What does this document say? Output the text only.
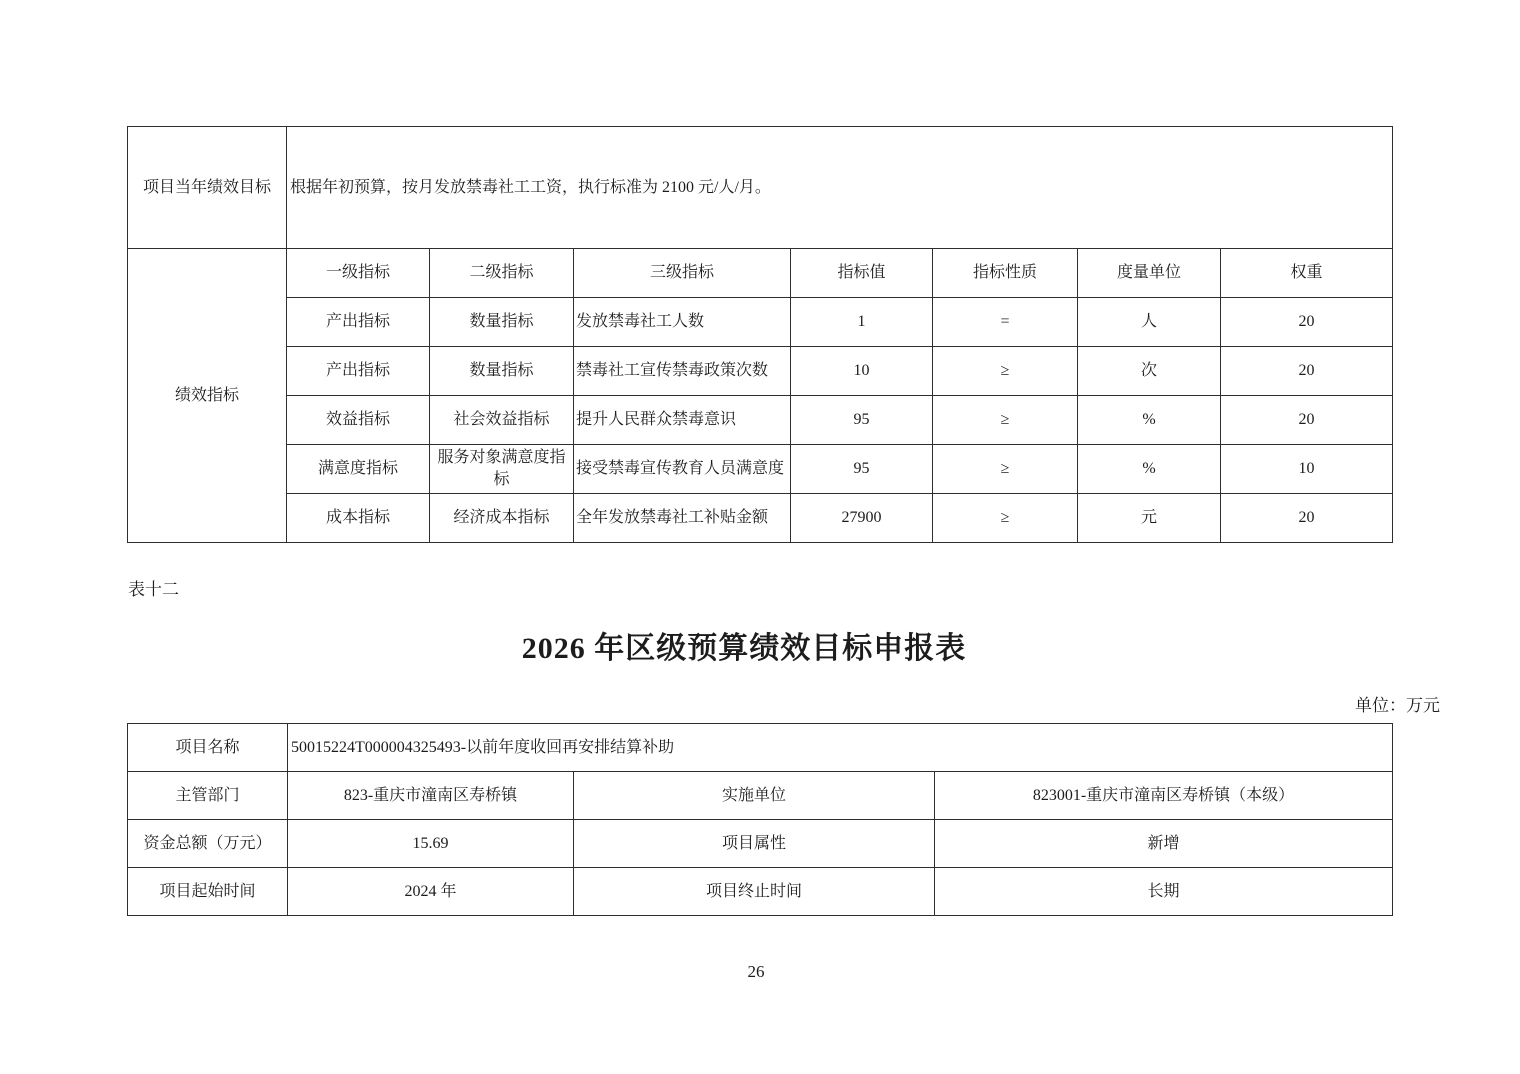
项目当年绩效目标	根据年初预算，按月发放禁毒社工工资，执行标准为 2100 元/人/月。						
绩效指标	一级指标	二级指标	三级指标	指标值	指标性质	度量单位	权重
	产出指标	数量指标	发放禁毒社工人数	1	=	人	20
	产出指标	数量指标	禁毒社工宣传禁毒政策次数	10	≥	次	20
	效益指标	社会效益指标	提升人民群众禁毒意识	95	≥	%	20
	满意度指标	服务对象满意度指标	接受禁毒宣传教育人员满意度	95	≥	%	10
	成本指标	经济成本指标	全年发放禁毒社工补贴金额	27900	≥	元	20
表十二
2026 年区级预算绩效目标申报表
单位：万元
项目名称	50015224T000004325493-以前年度收回再安排结算补助		
主管部门	823-重庆市潼南区寿桥镇	实施单位	823001-重庆市潼南区寿桥镇（本级）
资金总额（万元）	15.69	项目属性	新增
项目起始时间	2024 年	项目终止时间	长期
26
